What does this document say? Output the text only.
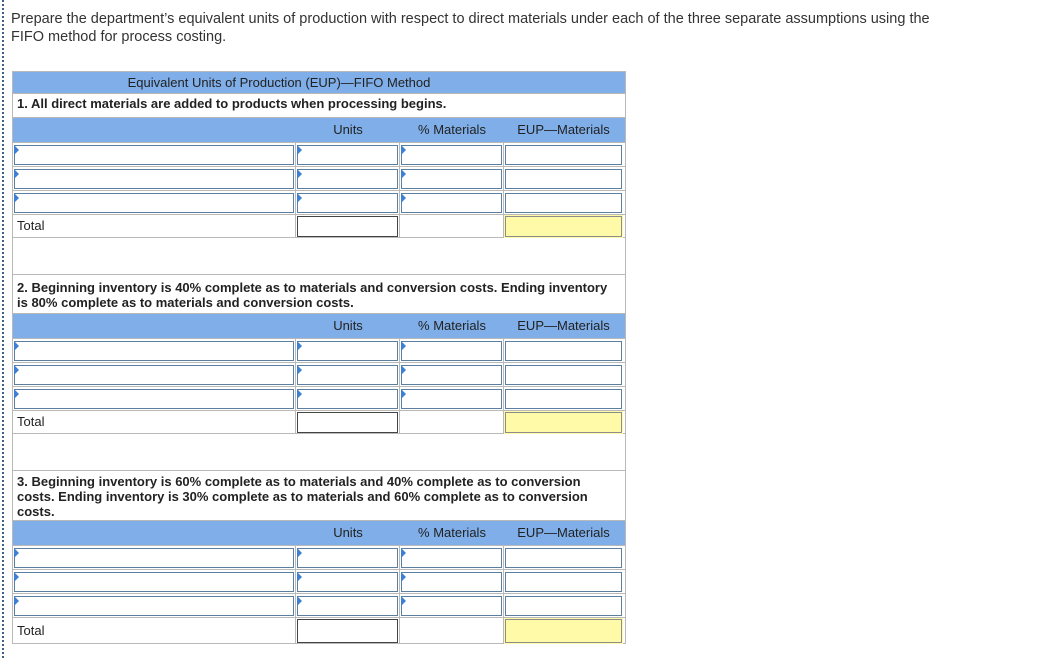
Prepare the department’s equivalent units of production with respect to direct materials under each of the three separate assumptions using the FIFO method for process costing.
Equivalent Units of Production (EUP)—FIFO Method
1. All direct materials are added to products when processing begins.
Units	% Materials	EUP—Materials
Total
2. Beginning inventory is 40% complete as to materials and conversion costs. Ending inventory is 80% complete as to materials and conversion costs.
Units	% Materials	EUP—Materials
Total
3. Beginning inventory is 60% complete as to materials and 40% complete as to conversion costs. Ending inventory is 30% complete as to materials and 60% complete as to conversion costs.
Units	% Materials	EUP—Materials
Total
